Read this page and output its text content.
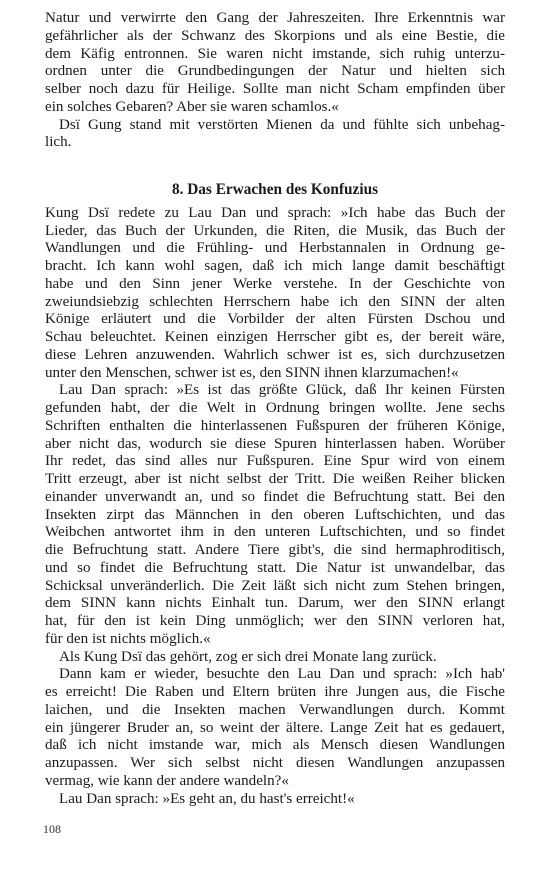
Natur und verwirrte den Gang der Jahreszeiten. Ihre Erkenntnis war
gefährlicher als der Schwanz des Skorpions und als eine Bestie, die
dem Käfig entronnen. Sie waren nicht imstande, sich ruhig unterzu-
ordnen unter die Grundbedingungen der Natur und hielten sich
selber noch dazu für Heilige. Sollte man nicht Scham empfinden über
ein solches Gebaren? Aber sie waren schamlos.«
Dsï Gung stand mit verstörten Mienen da und fühlte sich unbehag-
lich.
8. Das Erwachen des Konfuzius
Kung Dsï redete zu Lau Dan und sprach: »Ich habe das Buch der
Lieder, das Buch der Urkunden, die Riten, die Musik, das Buch der
Wandlungen und die Frühling- und Herbstannalen in Ordnung ge-
bracht. Ich kann wohl sagen, daß ich mich lange damit beschäftigt
habe und den Sinn jener Werke verstehe. In der Geschichte von
zweiundsiebzig schlechten Herrschern habe ich den SINN der alten
Könige erläutert und die Vorbilder der alten Fürsten Dschou und
Schau beleuchtet. Keinen einzigen Herrscher gibt es, der bereit wäre,
diese Lehren anzuwenden. Wahrlich schwer ist es, sich durchzusetzen
unter den Menschen, schwer ist es, den SINN ihnen klarzumachen!«
Lau Dan sprach: »Es ist das größte Glück, daß Ihr keinen Fürsten
gefunden habt, der die Welt in Ordnung bringen wollte. Jene sechs
Schriften enthalten die hinterlassenen Fußspuren der früheren Könige,
aber nicht das, wodurch sie diese Spuren hinterlassen haben. Worüber
Ihr redet, das sind alles nur Fußspuren. Eine Spur wird von einem
Tritt erzeugt, aber ist nicht selbst der Tritt. Die weißen Reiher blicken
einander unverwandt an, und so findet die Befruchtung statt. Bei den
Insekten zirpt das Männchen in den oberen Luftschichten, und das
Weibchen antwortet ihm in den unteren Luftschichten, und so findet
die Befruchtung statt. Andere Tiere gibt's, die sind hermaphroditisch,
und so findet die Befruchtung statt. Die Natur ist unwandelbar, das
Schicksal unveränderlich. Die Zeit läßt sich nicht zum Stehen bringen,
dem SINN kann nichts Einhalt tun. Darum, wer den SINN erlangt
hat, für den ist kein Ding unmöglich; wer den SINN verloren hat,
für den ist nichts möglich.«
Als Kung Dsï das gehört, zog er sich drei Monate lang zurück.
Dann kam er wieder, besuchte den Lau Dan und sprach: »Ich hab'
es erreicht! Die Raben und Eltern brüten ihre Jungen aus, die Fische
laichen, und die Insekten machen Verwandlungen durch. Kommt
ein jüngerer Bruder an, so weint der ältere. Lange Zeit hat es gedauert,
daß ich nicht imstande war, mich als Mensch diesen Wandlungen
anzupassen. Wer sich selbst nicht diesen Wandlungen anzupassen
vermag, wie kann der andere wandeln?«
Lau Dan sprach: »Es geht an, du hast's erreicht!«
108
